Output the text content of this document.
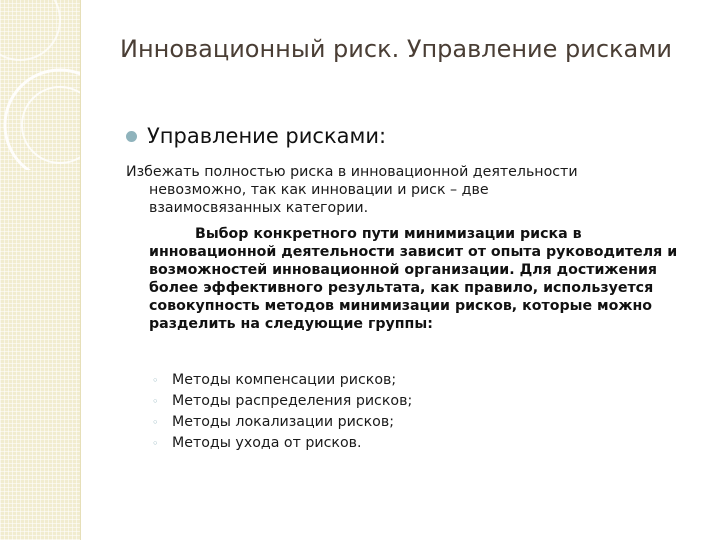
Инновационный риск. Управление рисками
Управление рисками:

Избежать полностью риска в инновационной деятельности

невозможно, так как инновации и риск – две

взаимосвязанных категории.

Выбор конкретного пути минимизации риска в инновационной деятельности зависит от опыта руководителя и возможностей инновационной организации. Для достижения более эффективного результата, как правило, используется совокупность методов минимизации рисков, которые можно разделить на следующие группы:
◦ Методы компенсации рисков;
◦ Методы распределения рисков;
◦ Методы локализации рисков;
◦ Методы ухода от рисков.
